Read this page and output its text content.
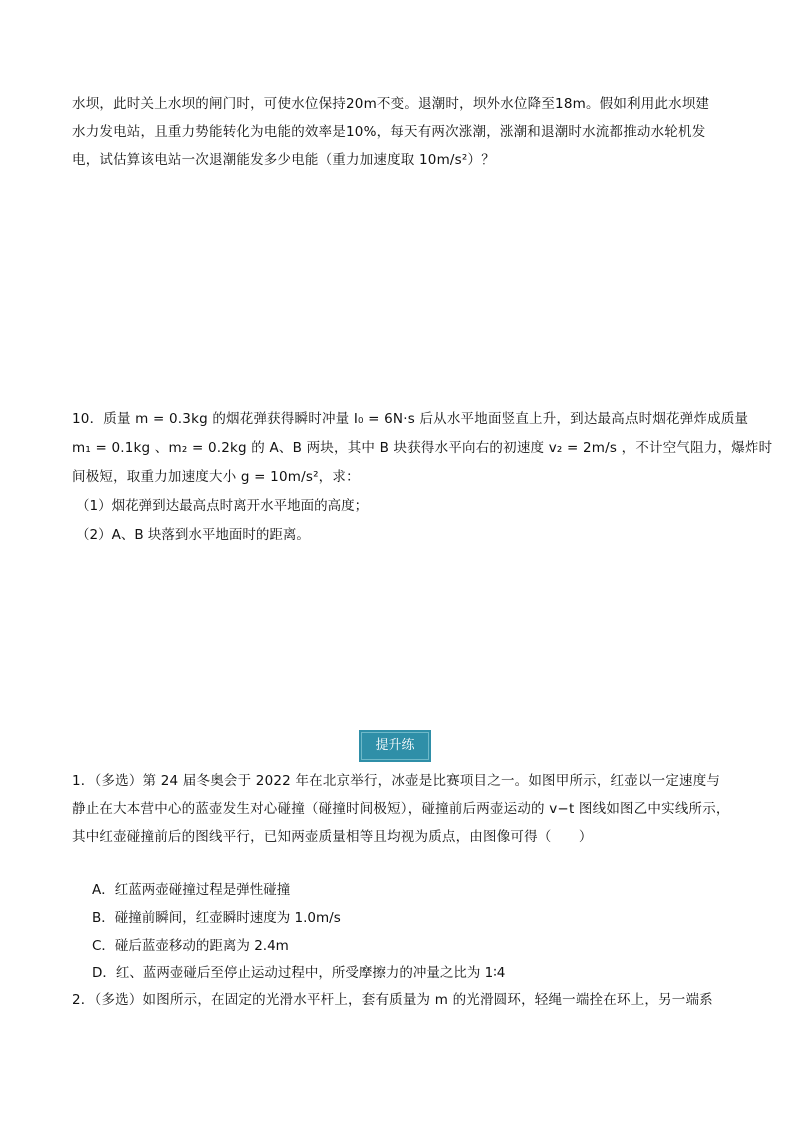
水坝，此时关上水坝的闸门时，可使水位保持20m不变。退潮时，坝外水位降至18m。假如利用此水坝建
水力发电站，且重力势能转化为电能的效率是10%，每天有两次涨潮，涨潮和退潮时水流都推动水轮机发
电，试估算该电站一次退潮能发多少电能（重力加速度取 10m/s²）？
10．质量 m = 0.3kg 的烟花弹获得瞬时冲量 I₀ = 6N·s 后从水平地面竖直上升，到达最高点时烟花弹炸成质量
m₁ = 0.1kg 、m₂ = 0.2kg 的 A、B 两块，其中 B 块获得水平向右的初速度 v₂ = 2m/s ，不计空气阻力，爆炸时
间极短，取重力加速度大小 g = 10m/s²，求：
（1）烟花弹到达最高点时离开水平地面的高度；
（2）A、B 块落到水平地面时的距离。
提升练
1．（多选）第 24 届冬奥会于 2022 年在北京举行，冰壶是比赛项目之一。如图甲所示，红壶以一定速度与
静止在大本营中心的蓝壶发生对心碰撞（碰撞时间极短），碰撞前后两壶运动的 v−t 图线如图乙中实线所示，
其中红壶碰撞前后的图线平行，已知两壶质量相等且均视为质点，由图像可得（　　）
A．红蓝两壶碰撞过程是弹性碰撞
B．碰撞前瞬间，红壶瞬时速度为 1.0m/s
C．碰后蓝壶移动的距离为 2.4m
D．红、蓝两壶碰后至停止运动过程中，所受摩擦力的冲量之比为 1∶4
2．（多选）如图所示，在固定的光滑水平杆上，套有质量为 m 的光滑圆环，轻绳一端拴在环上，另一端系
